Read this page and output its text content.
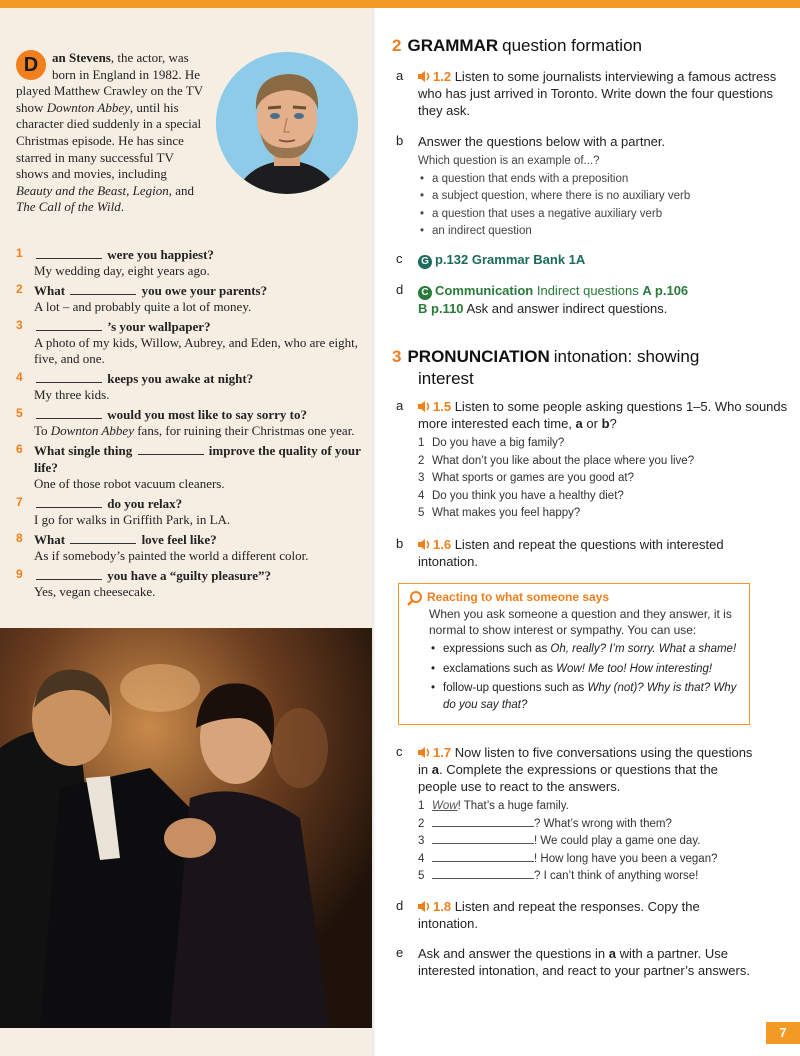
D	an Stevens, the actor, was born in England in 1982. He played Matthew Crawley on the TV show Downton Abbey, until his character died suddenly in a special Christmas episode. He has since starred in many successful TV shows and movies, including Beauty and the Beast, Legion, and The Call of the Wild.
1	were you happiest?
My wedding day, eight years ago.
2 What	you owe your parents?
A lot – and probably quite a lot of money.
3	’s your wallpaper?
A photo of my kids, Willow, Aubrey, and Eden, who are eight, five, and one.
4	keeps you awake at night?
My three kids.
5	would you most like to say sorry to?
To Downton Abbey fans, for ruining their Christmas one year.
6 What single thing	improve the quality of your life?
One of those robot vacuum cleaners.
7	do you relax?
I go for walks in Griffith Park, in LA.
8 What	love feel like?
As if somebody’s painted the world a different color.
9	you have a “guilty pleasure”?
Yes, vegan cheesecake.
2 GRAMMAR question formation
a	1.2 Listen to some journalists interviewing a famous actress who has just arrived in Toronto. Write down the four questions they ask.
b Answer the questions below with a partner.
Which question is an example of...?
• a question that ends with a preposition
• a subject question, where there is no auxiliary verb
• a question that uses a negative auxiliary verb
• an indirect question
c	G p.132 Grammar Bank 1A
d	C Communication Indirect questions A p.106
B p.110 Ask and answer indirect questions.
3 PRONUNCIATION intonation: showing
interest
a	1.5 Listen to some people asking questions 1–5. Who sounds more interested each time, a or b?
1 Do you have a big family?
2 What don’t you like about the place where you live?
3 What sports or games are you good at?
4 Do you think you have a healthy diet?
5 What makes you feel happy?
b	1.6 Listen and repeat the questions with interested intonation.
c	1.7 Now listen to five conversations using the questions in a. Complete the expressions or questions that the people use to react to the answers.
1 Wow! That’s a huge family.
2	? What’s wrong with them?
3	! We could play a game one day.
4	! How long have you been a vegan?
5	? I can’t think of anything worse!
d	1.8 Listen and repeat the responses. Copy the intonation.
e Ask and answer the questions in a with a partner. Use interested intonation, and react to your partner’s answers.
Reacting to what someone says
When you ask someone a question and they answer, it is normal to show interest or sympathy. You can use:
• expressions such as Oh, really? I’m sorry. What a shame!
• exclamations such as Wow! Me too! How interesting!
• follow-up questions such as Why (not)? Why is that? Why do you say that?
7
